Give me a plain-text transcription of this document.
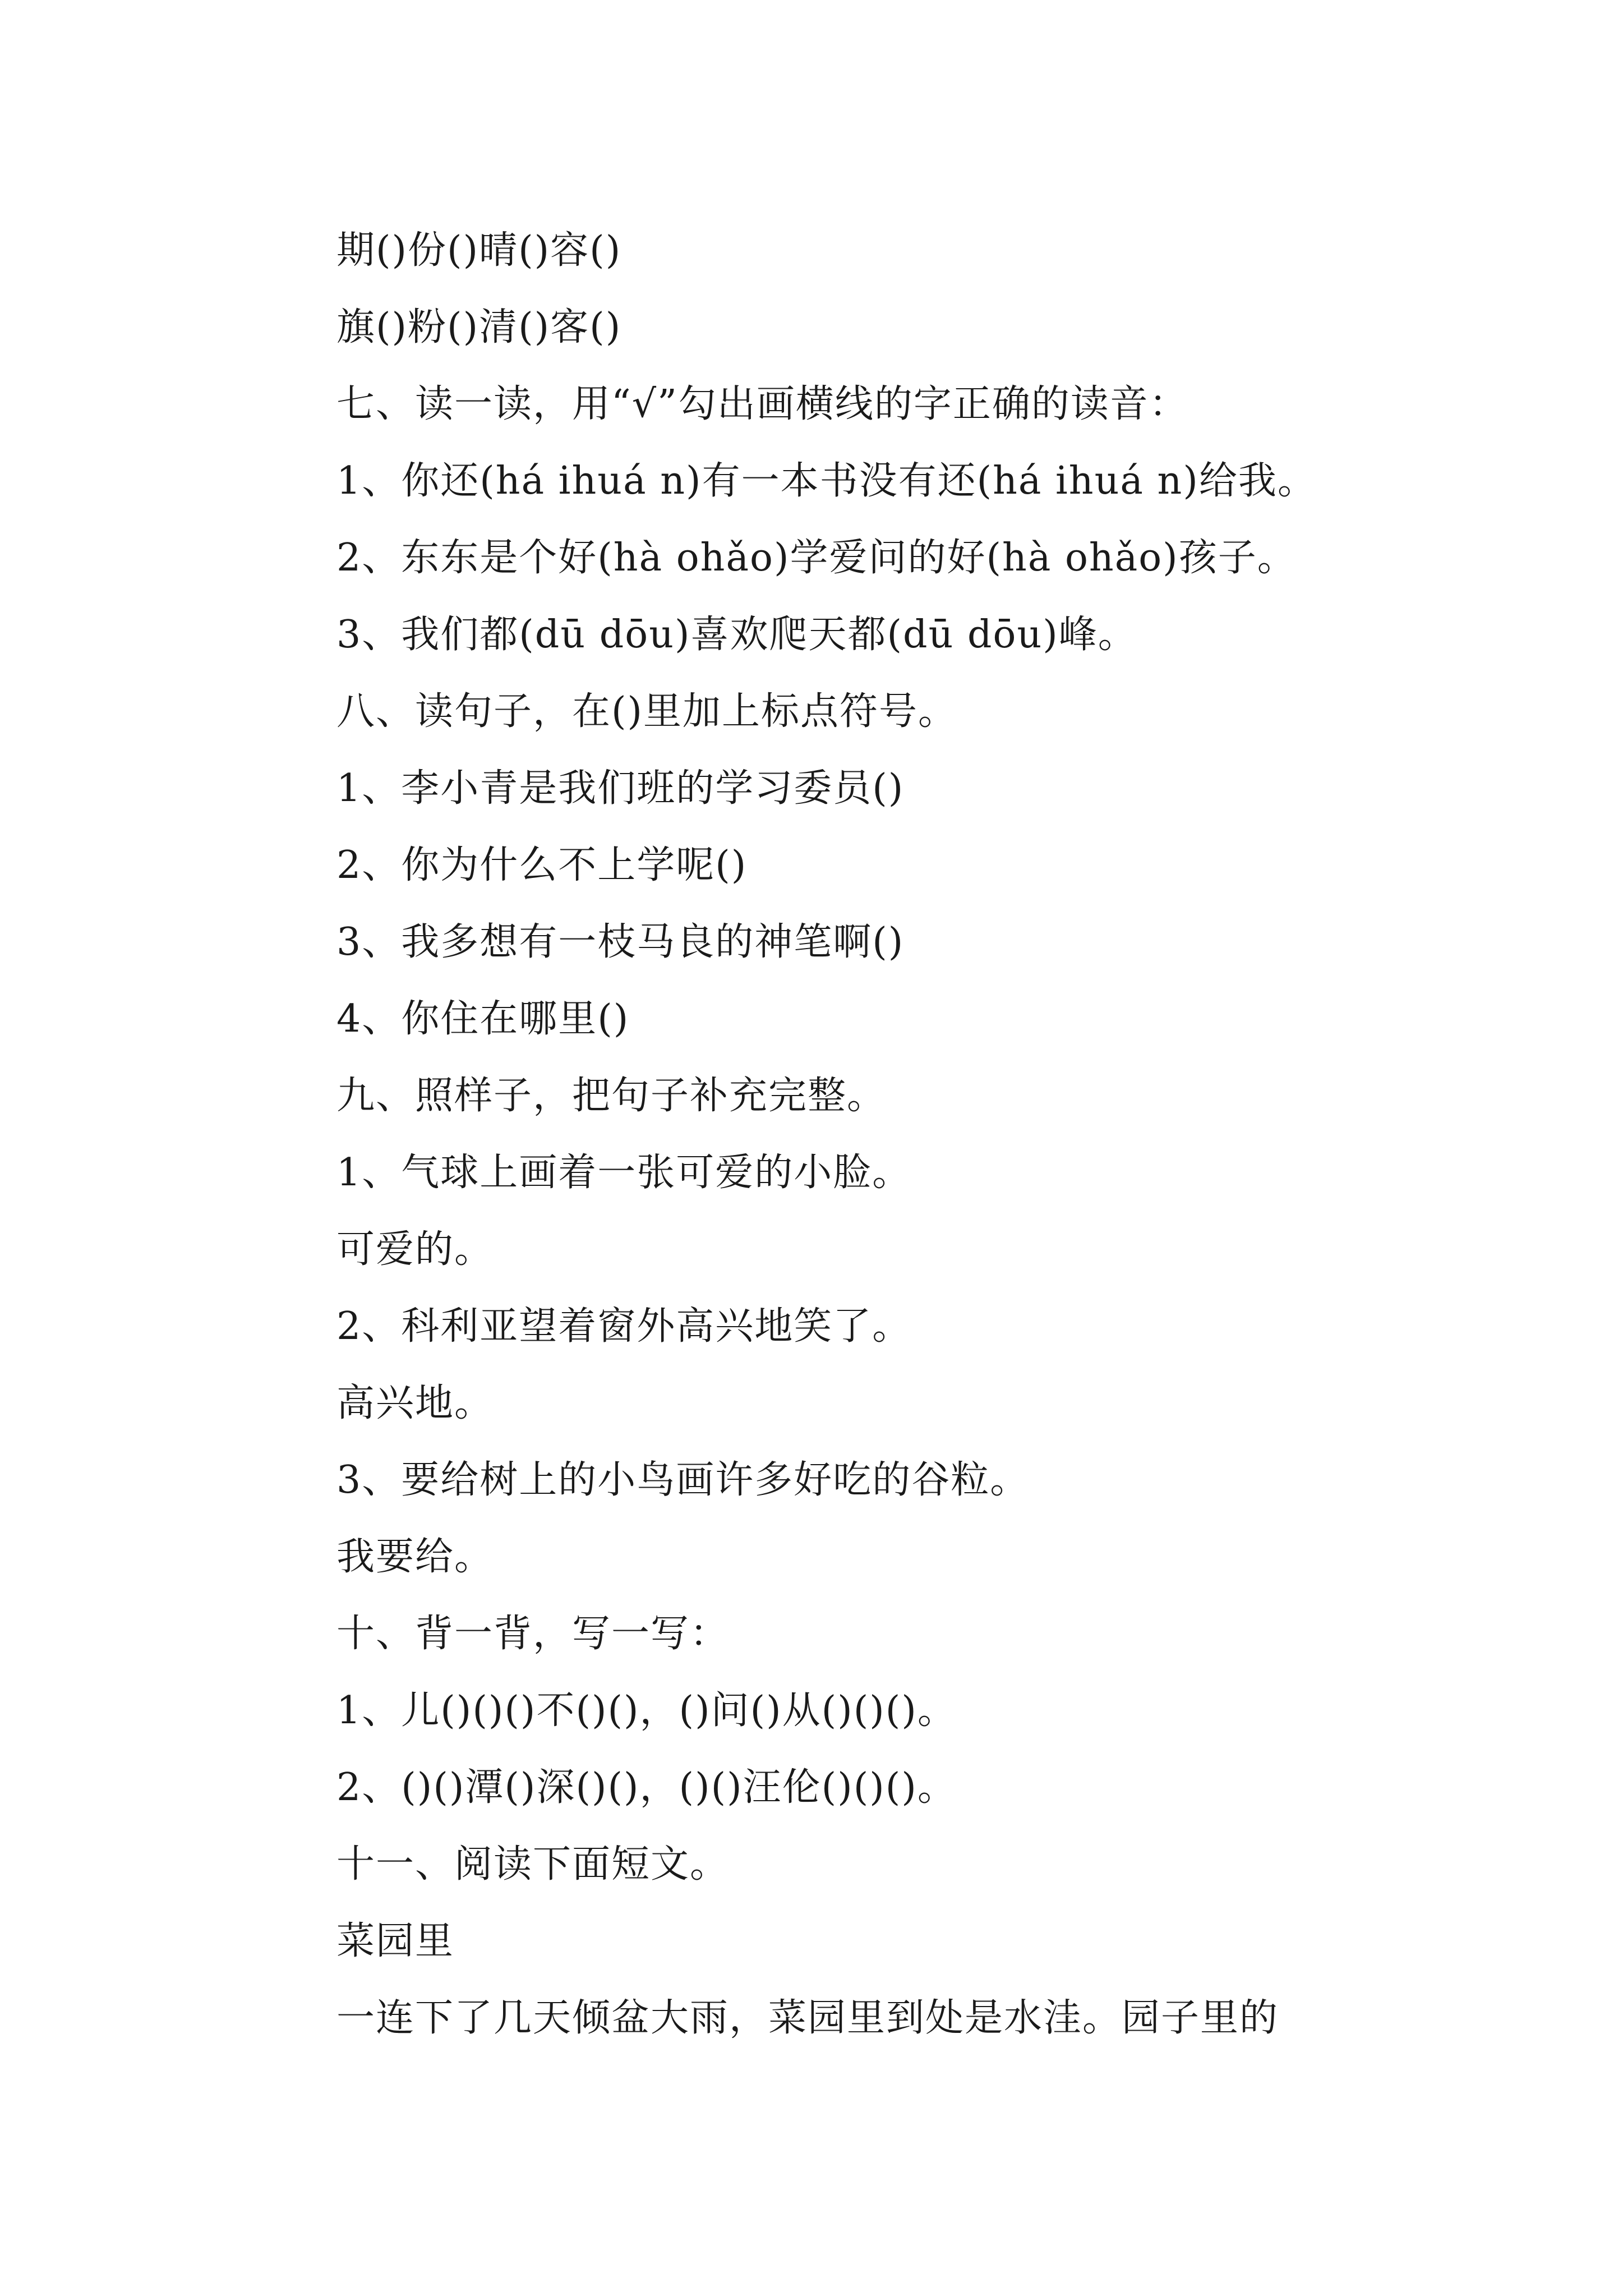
期()份()晴()容()
旗()粉()清()客()
七、读一读，用“√”勾出画横线的字正确的读音：
1、你还(há ihuá n)有一本书没有还(há ihuá n)给我。
2、东东是个好(hà ohǎo)学爱问的好(hà ohǎo)孩子。
3、我们都(dū dōu)喜欢爬天都(dū dōu)峰。
八、读句子，在()里加上标点符号。
1、李小青是我们班的学习委员()
2、你为什么不上学呢()
3、我多想有一枝马良的神笔啊()
4、你住在哪里()
九、照样子，把句子补充完整。
1、气球上画着一张可爱的小脸。
可爱的。
2、科利亚望着窗外高兴地笑了。
高兴地。
3、要给树上的小鸟画许多好吃的谷粒。
我要给。
十、背一背，写一写：
1、儿()()()不()()，()问()从()()()。
2、()()潭()深()()，()()汪伦()()()。
十一、阅读下面短文。
菜园里
一连下了几天倾盆大雨，菜园里到处是水洼。园子里的
